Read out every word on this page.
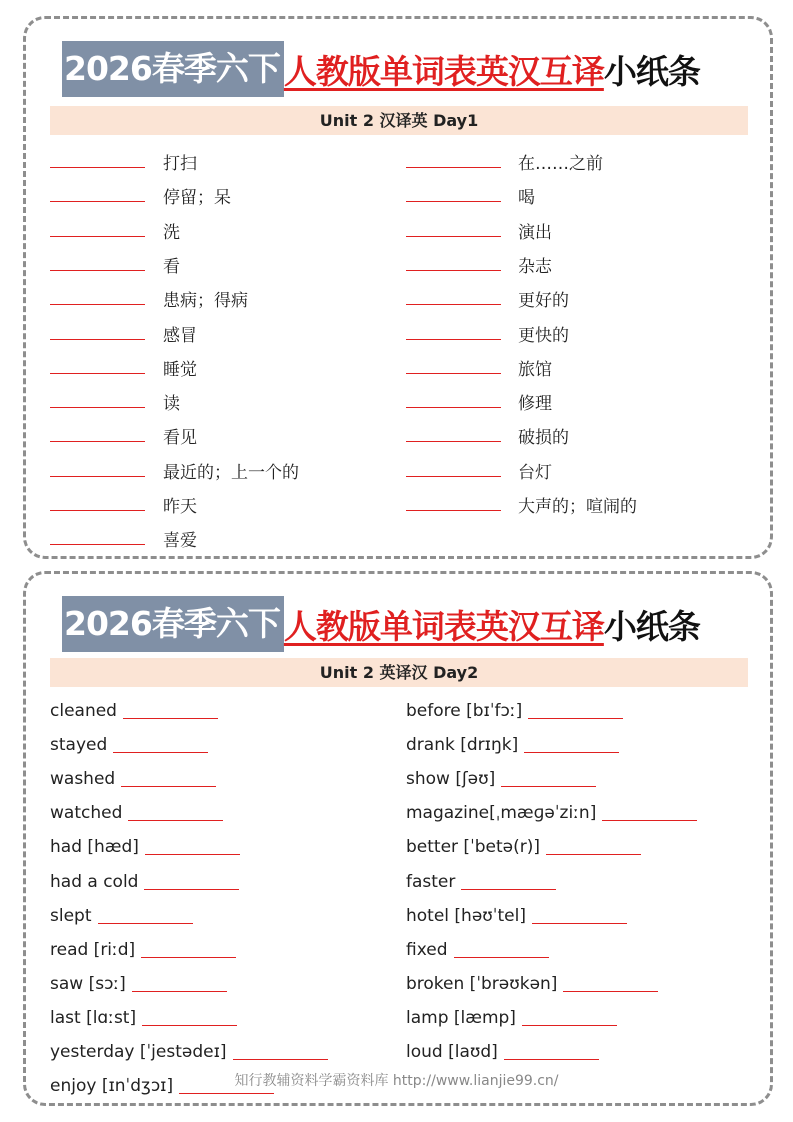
2026春季六下 人教版单词表英汉互译 小纸条
Unit 2 汉译英 Day1
打扫
停留；呆
洗
看
患病；得病
感冒
睡觉
读
看见
最近的；上一个的
昨天
喜爱
在……之前
喝
演出
杂志
更好的
更快的
旅馆
修理
破损的
台灯
大声的；喧闹的
2026春季六下 人教版单词表英汉互译 小纸条
Unit 2 英译汉 Day2
cleaned
stayed
washed
watched
had [hæd]
had a cold
slept
read [riːd]
saw [sɔː]
last [lɑːst]
yesterday [ˈjestədeɪ]
enjoy [ɪnˈdʒɔɪ]
before [bɪˈfɔː]
drank [drɪŋk]
show [ʃəʊ]
magazine[ˌmæɡəˈziːn]
better [ˈbetə(r)]
faster
hotel [həʊˈtel]
fixed
broken [ˈbrəʊkən]
lamp [læmp]
loud [laʊd]
知行教辅资料学霸资料库 http://www.lianjie99.cn/
